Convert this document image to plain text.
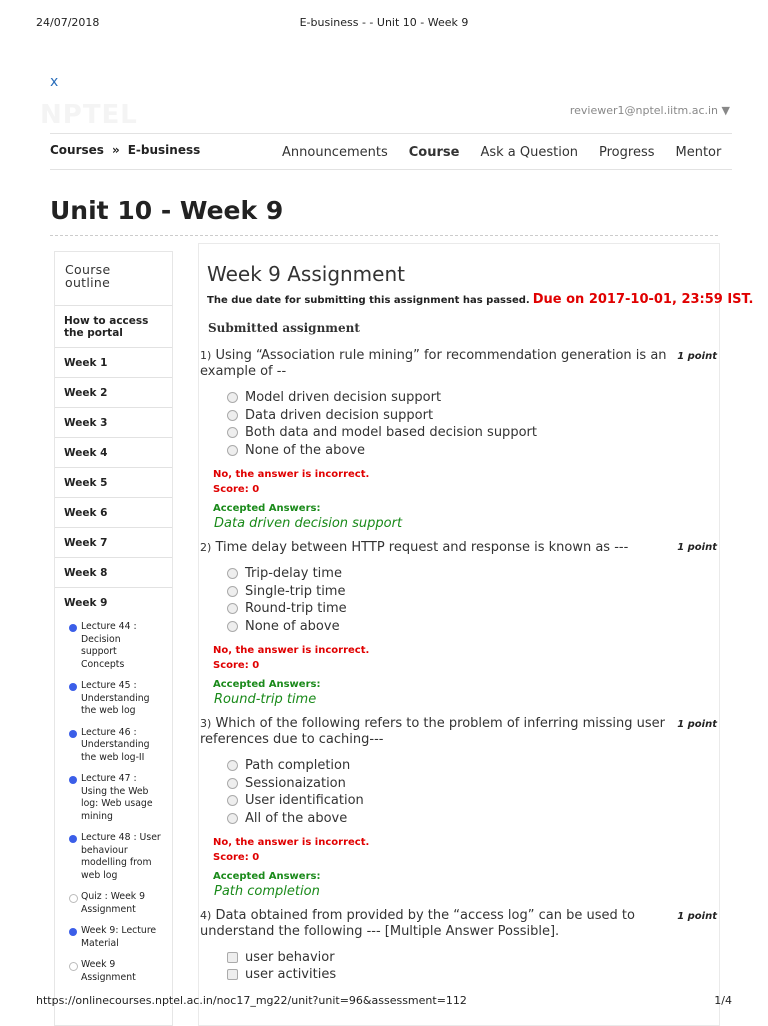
24/07/2018	E-business - - Unit 10 - Week 9
x
NPTEL	reviewer1@nptel.iitm.ac.in ▼
Courses » E-business	Announcements Course Ask a Question Progress Mentor
Unit 10 - Week 9
Course outline
How to access the portal
Week 1
Week 2
Week 3
Week 4
Week 5
Week 6
Week 7
Week 8
Week 9
Lecture 44 : Decision support Concepts
Lecture 45 : Understanding the web log
Lecture 46 : Understanding the web log-II
Lecture 47 : Using the Web log: Web usage mining
Lecture 48 : User behaviour modelling from web log
Quiz : Week 9 Assignment
Week 9: Lecture Material
Week 9 Assignment
Week 9 Assignment
The due date for submitting this assignment has passed. Due on 2017-10-01, 23:59 IST.
Submitted assignment
1) Using “Association rule mining” for recommendation generation is an example of --
1 point
Model driven decision support
Data driven decision support
Both data and model based decision support
None of the above
No, the answer is incorrect.
Score: 0
Accepted Answers:
Data driven decision support
2) Time delay between HTTP request and response is known as ---	1 point
Trip-delay time
Single-trip time
Round-trip time
None of above
No, the answer is incorrect.
Score: 0
Accepted Answers:
Round-trip time
3) Which of the following refers to the problem of inferring missing user references due to caching---
1 point
Path completion
Sessionaization
User identification
All of the above
No, the answer is incorrect.
Score: 0
Accepted Answers:
Path completion
4) Data obtained from provided by the “access log” can be used to understand the following --- [Multiple Answer Possible].
1 point
user behavior
user activities
https://onlinecourses.nptel.ac.in/noc17_mg22/unit?unit=96&assessment=112	1/4
